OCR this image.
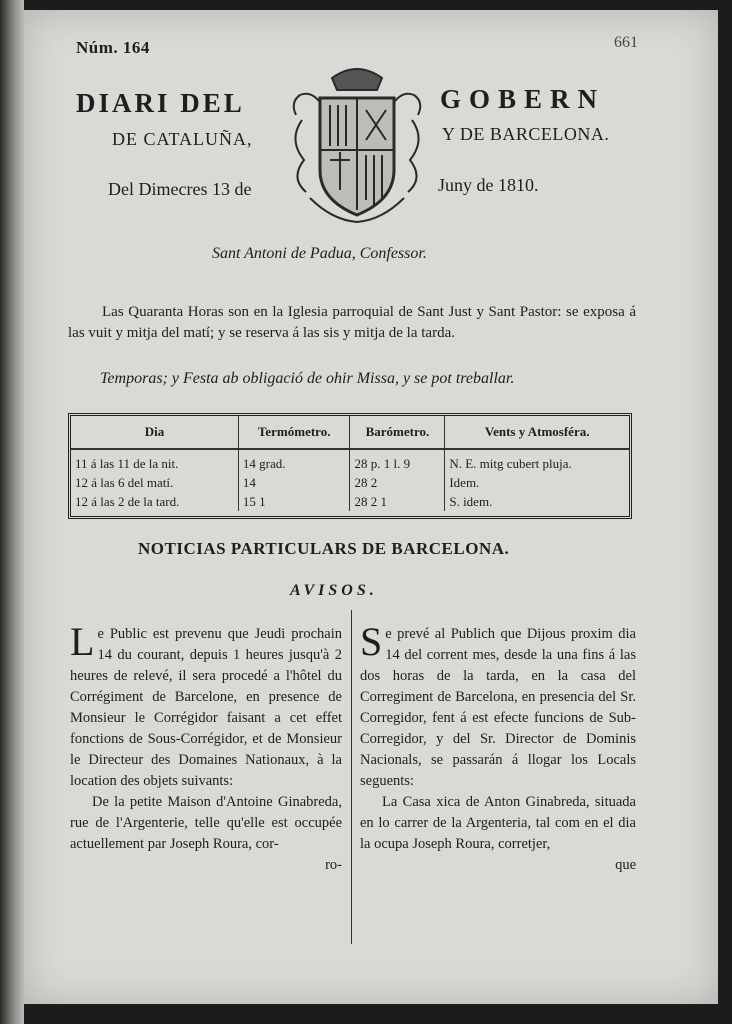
Núm. 164	661
DIARI DEL	GOBERN
DE CATALUÑA,	Y DE BARCELONA.
Del Dimecres 13 de	Juny de 1810.
Sant Antoni de Padua, Confessor.

Las Quaranta Horas son en la Iglesia parroquial de Sant Just y Sant Pastor: se exposa á las vuit y mitja del matí; y se reserva á las sis y mitja de la tarda.

Temporas; y Festa ab obligació de ohir Missa, y se pot treballar.
Dia	Termómetro.	Barómetro.	Vents y Atmosféra.
11 á las 11 de la nit.	14 grad.	28 p. 1 l. 9	N. E. mitg cubert pluja.
12 á las 6 del matí.	14	28 2	Idem.
12 á las 2 de la tard.	15 1	28 2 1	S. idem.
NOTICIAS PARTICULARS DE BARCELONA.
AVISOS.

Le Public est prevenu que Jeudi prochain 14 du courant, depuis 1 heures jusqu'à 2 heures de relevé, il sera procedé a l'hôtel du Corrégiment de Barcelone, en presence de Monsieur le Corrégidor faisant a cet effet fonctions de Sous-Corrégidor, et de Monsieur le Directeur des Domaines Nationaux, à la location des objets suivants:

De la petite Maison d'Antoine Ginabreda, rue de l'Argenterie, telle qu'elle est occupée actuellement par Joseph Roura, cor-

ro-

Se prevé al Publich que Dijous proxim dia 14 del corrent mes, desde la una fins á las dos horas de la tarda, en la casa del Corregiment de Barcelona, en presencia del Sr. Corregidor, fent á est efecte funcions de Sub-Corregidor, y del Sr. Director de Dominis Nacionals, se passarán á llogar los Locals seguents:

La Casa xica de Anton Ginabreda, situada en lo carrer de la Argenteria, tal com en el dia la ocupa Joseph Roura, corretjer,

que
